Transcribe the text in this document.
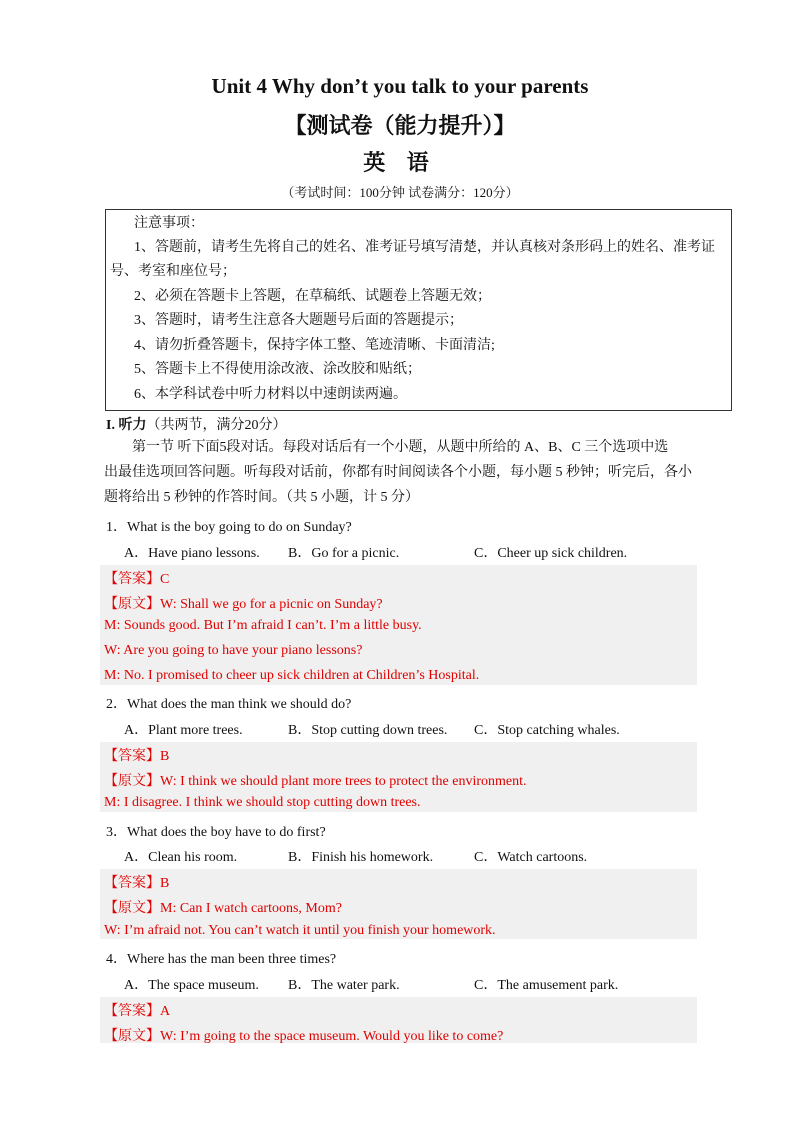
Unit 4 Why don’t you talk to your parents
【测试卷（能力提升）】
英 语
（考试时间：100分钟 试卷满分：120分）
注意事项：
1、答题前，请考生先将自己的姓名、准考证号填写清楚，并认真核对条形码上的姓名、准考证
号、考室和座位号；
2、必须在答题卡上答题，在草稿纸、试题卷上答题无效；
3、答题时，请考生注意各大题题号后面的答题提示；
4、请勿折叠答题卡，保持字体工整、笔迹清晰、卡面清洁;
5、答题卡上不得使用涂改液、涂改胶和贴纸；
6、本学科试卷中听力材料以中速朗读两遍。
I. 听力（共两节，满分20分）
第一节 听下面5段对话。每段对话后有一个小题，从题中所给的 A、B、C 三个选项中选
出最佳选项回答问题。听每段对话前，你都有时间阅读各个小题，每小题 5 秒钟；听完后，各小
题将给出 5 秒钟的作答时间。（共 5 小题，计 5 分）
1．What is the boy going to do on Sunday?
A．Have piano lessons. B．Go for a picnic.	C．Cheer up sick children.
【答案】C
【原文】W: Shall we go for a picnic on Sunday?
M: Sounds good. But I’m afraid I can’t. I’m a little busy.
W: Are you going to have your piano lessons?
M: No. I promised to cheer up sick children at Children’s Hospital.
2．What does the man think we should do?
A．Plant more trees.	B．Stop cutting down trees. C．Stop catching whales.
【答案】B
【原文】W: I think we should plant more trees to protect the environment.
M: I disagree. I think we should stop cutting down trees.
3．What does the boy have to do first?
A．Clean his room.	B．Finish his homework.	C．Watch cartoons.
【答案】B
【原文】M: Can I watch cartoons, Mom?
W: I’m afraid not. You can’t watch it until you finish your homework.
4．Where has the man been three times?
A．The space museum. B．The water park.	C．The amusement park.
【答案】A
【原文】W: I’m going to the space museum. Would you like to come?
